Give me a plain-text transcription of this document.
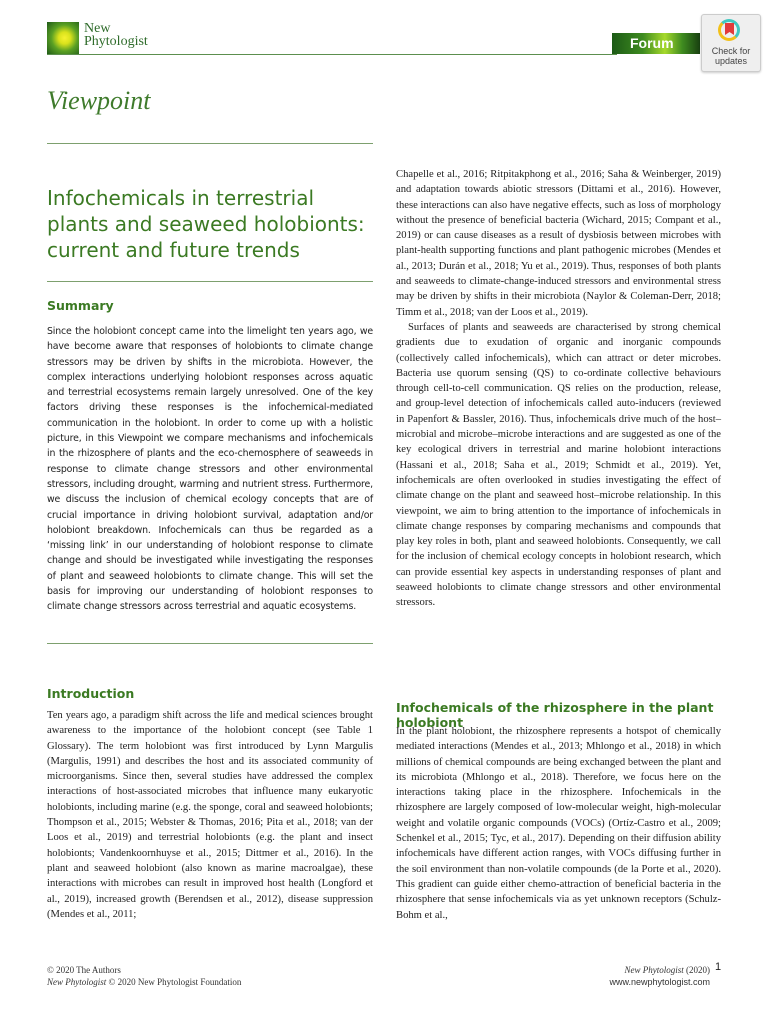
New
Phytologist	Forum	Check for
updates
Viewpoint
Infochemicals in terrestrial plants and seaweed holobionts: current and future trends
Summary
Since the holobiont concept came into the limelight ten years ago, we have become aware that responses of holobionts to climate change stressors may be driven by shifts in the microbiota. However, the complex interactions underlying holobiont responses across aquatic and terrestrial ecosystems remain largely unresolved. One of the key factors driving these responses is the infochemical-mediated communication in the holobiont. In order to come up with a holistic picture, in this Viewpoint we compare mechanisms and infochemicals in the rhizosphere of plants and the eco-chemosphere of seaweeds in response to climate change stressors and other environmental stressors, including drought, warming and nutrient stress. Furthermore, we discuss the inclusion of chemical ecology concepts that are of crucial importance in driving holobiont survival, adaptation and/or holobiont breakdown. Infochemicals can thus be regarded as a ‘missing link’ in our understanding of holobiont response to climate change and should be investigated while investigating the responses of plant and seaweed holobionts to climate change. This will set the basis for improving our understanding of holobiont responses to climate change stressors across terrestrial and aquatic ecosystems.
Introduction

Ten years ago, a paradigm shift across the life and medical sciences brought awareness to the importance of the holobiont concept (see Table 1 Glossary). The term holobiont was first introduced by Lynn Margulis (Margulis, 1991) and describes the host and its associated community of microorganisms. Since then, several studies have addressed the complex interactions of host-associated microbes that influence many eukaryotic holobionts, including marine (e.g. the sponge, coral and seaweed holobionts; Thompson et al., 2015; Webster & Thomas, 2016; Pita et al., 2018; van der Loos et al., 2019) and terrestrial holobionts (e.g. the plant and insect holobionts; Vandenkoornhuyse et al., 2015; Dittmer et al., 2016). In the plant and seaweed holobiont (also known as marine macroalgae), these interactions with microbes can result in improved host health (Longford et al., 2019), increased growth (Berendsen et al., 2012), disease suppression (Mendes et al., 2011;

Chapelle et al., 2016; Ritpitakphong et al., 2016; Saha & Weinberger, 2019) and adaptation towards abiotic stressors (Dittami et al., 2016). However, these interactions can also have negative effects, such as loss of morphology without the presence of beneficial bacteria (Wichard, 2015; Compant et al., 2019) or can cause diseases as a result of dysbiosis between microbes with plant-health supporting functions and plant pathogenic microbes (Mendes et al., 2013; Durán et al., 2018; Yu et al., 2019). Thus, responses of both plants and seaweeds to climate-change-induced stressors and environmental stress may be driven by shifts in their microbiota (Naylor & Coleman-Derr, 2018; Timm et al., 2018; van der Loos et al., 2019).

Surfaces of plants and seaweeds are characterised by strong chemical gradients due to exudation of organic and inorganic compounds (collectively called infochemicals), which can attract or deter microbes. Bacteria use quorum sensing (QS) to co-ordinate collective behaviours through cell-to-cell communication. QS relies on the production, release, and group-level detection of infochemicals called auto-inducers (reviewed in Papenfort & Bassler, 2016). Thus, infochemicals drive much of the host–microbial and microbe–microbe interactions and are suggested as one of the key ecological drivers in terrestrial and marine holobiont interactions (Hassani et al., 2018; Saha et al., 2019; Schmidt et al., 2019). Yet, infochemicals are often overlooked in studies investigating the effect of climate change on the plant and seaweed host–microbe relationship. In this viewpoint, we aim to bring attention to the importance of infochemicals in climate change responses by comparing mechanisms and compounds that play key roles in both, plant and seaweed holobionts. Consequently, we call for the inclusion of chemical ecology concepts in holobiont research, which can provide essential key aspects in understanding responses of plant and seaweed holobionts to climate change stressors and other environmental stressors.

Infochemicals of the rhizosphere in the plant holobiont

In the plant holobiont, the rhizosphere represents a hotspot of chemically mediated interactions (Mendes et al., 2013; Mhlongo et al., 2018) in which millions of chemical compounds are being exchanged between the plant and its microbiota (Mhlongo et al., 2018). Therefore, we focus here on the interactions taking place in the rhizosphere. Infochemicals in the rhizosphere are largely composed of low-molecular weight, high-molecular weight and volatile organic compounds (VOCs) (Ortíz-Castro et al., 2009; Schenkel et al., 2015; Tyc, et al., 2017). Depending on their diffusion ability infochemicals have different action ranges, with VOCs diffusing further in the soil environment than non-volatile compounds (de la Porte et al., 2020). This gradient can guide either chemo-attraction of beneficial bacteria in the rhizosphere that sense infochemicals via as yet unknown receptors (Schulz-Bohm et al.,

© 2020 The Authors
New Phytologist © 2020 New Phytologist Foundation
New Phytologist (2020)
www.newphytologist.com
1
